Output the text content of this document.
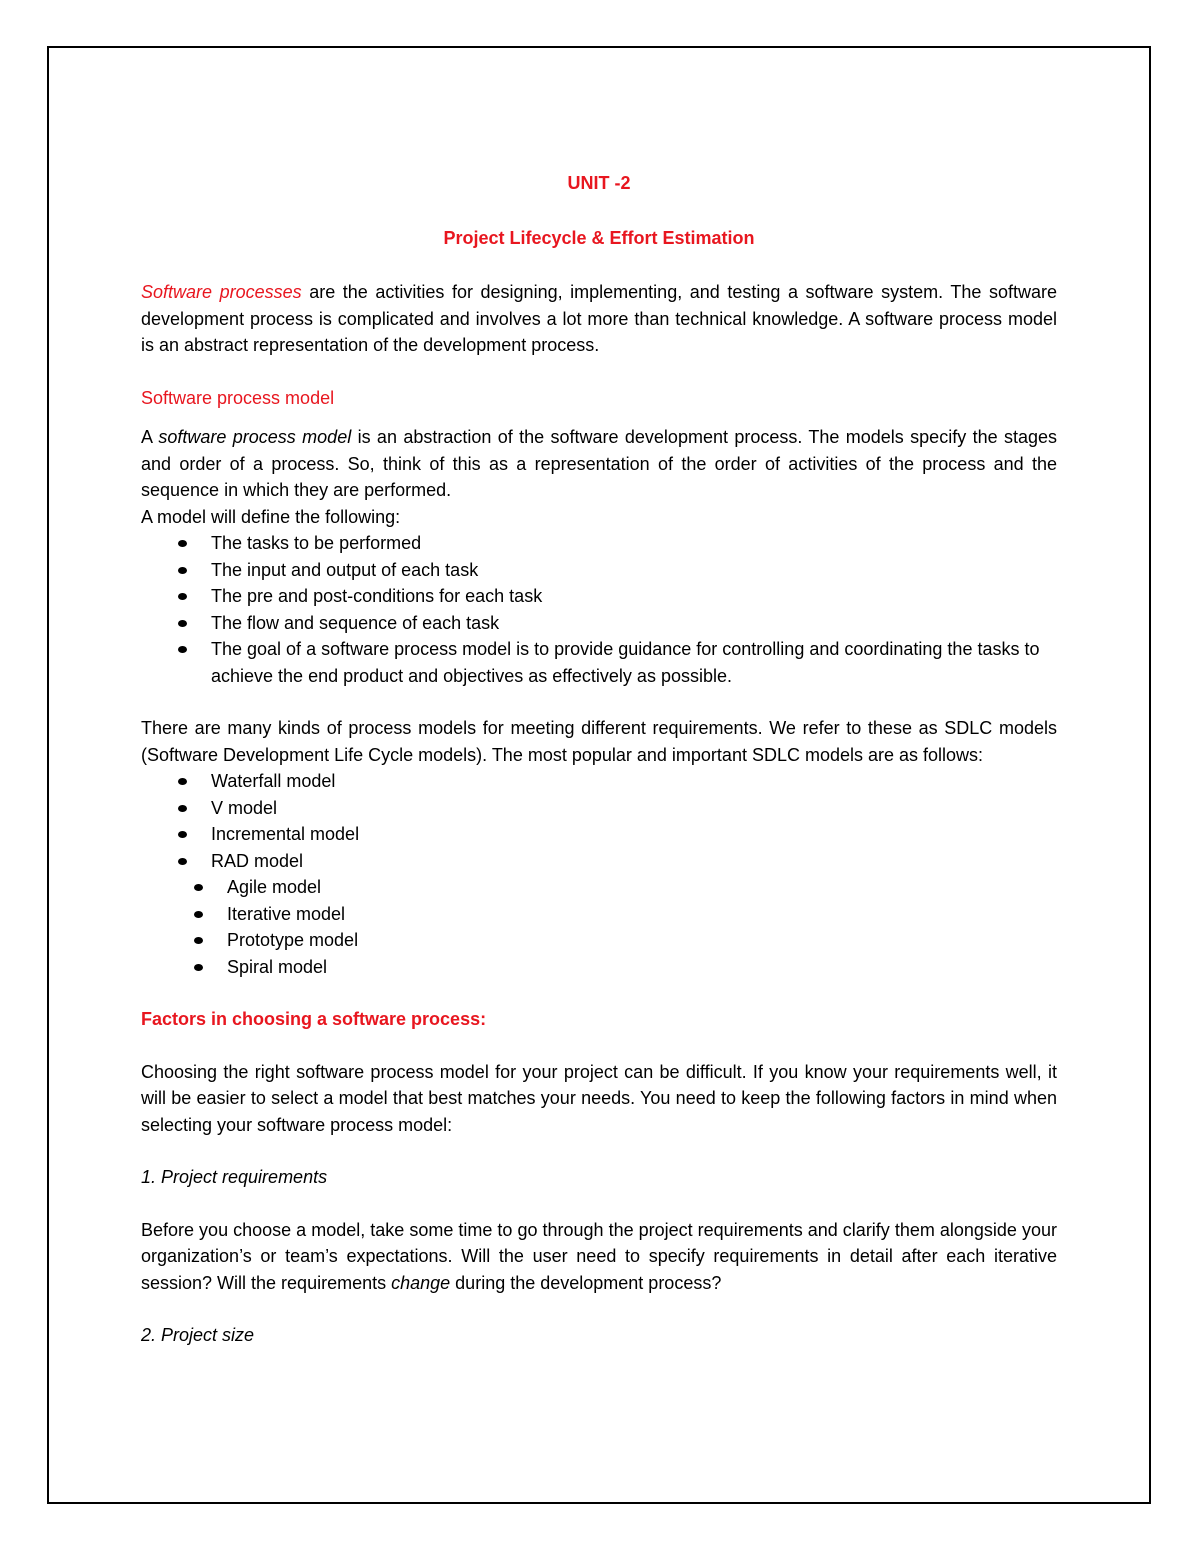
UNIT -2

Project Lifecycle & Effort Estimation

Software processes are the activities for designing, implementing, and testing a software system. The software development process is complicated and involves a lot more than technical knowledge. A software process model is an abstract representation of the development process.

Software process model

A software process model is an abstraction of the software development process. The models specify the stages and order of a process. So, think of this as a representation of the order of activities of the process and the sequence in which they are performed.

A model will define the following:

The tasks to be performed
The input and output of each task
The pre and post-conditions for each task
The flow and sequence of each task
The goal of a software process model is to provide guidance for controlling and coordinating the tasks to achieve the end product and objectives as effectively as possible.

There are many kinds of process models for meeting different requirements. We refer to these as SDLC models (Software Development Life Cycle models). The most popular and important SDLC models are as follows:

Waterfall model
V model
Incremental model
RAD model
Agile model
Iterative model
Prototype model
Spiral model

Factors in choosing a software process:

Choosing the right software process model for your project can be difficult. If you know your requirements well, it will be easier to select a model that best matches your needs. You need to keep the following factors in mind when selecting your software process model:

1. Project requirements

Before you choose a model, take some time to go through the project requirements and clarify them alongside your organization’s or team’s expectations. Will the user need to specify requirements in detail after each iterative session? Will the requirements change during the development process?

2. Project size
